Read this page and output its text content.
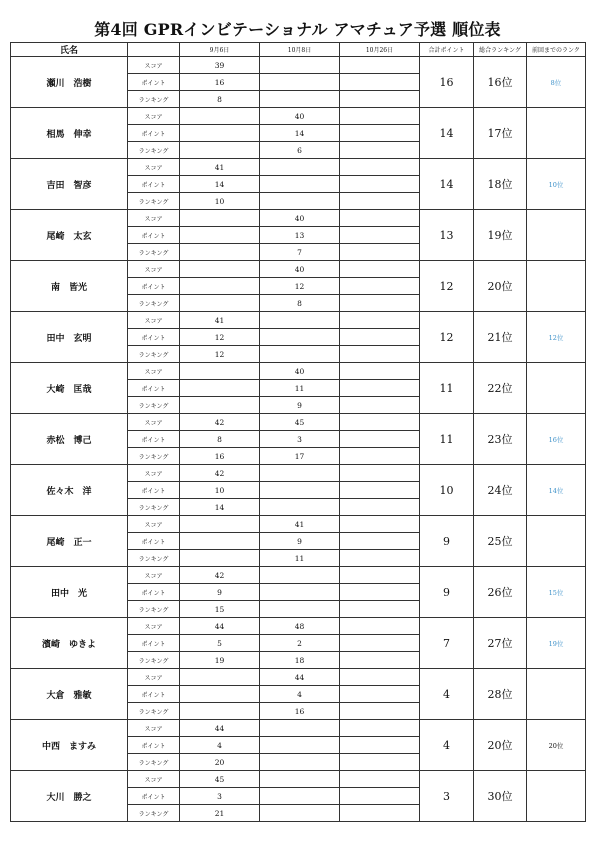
第4回 GPRインビテーショナル アマチュア予選 順位表
氏名		9月6日	10月8日	10月26日	合計ポイント	総合ランキング	前回までのランク
瀬川　浩樹	スコア	39			16	16位	8位
	ポイント	16					
	ランキング	8					
相馬　伸幸	スコア		40		14	17位	
	ポイント		14				
	ランキング		6				
吉田　智彦	スコア	41			14	18位	10位
	ポイント	14					
	ランキング	10					
尾崎　太玄	スコア		40		13	19位	
	ポイント		13				
	ランキング		7				
南　皆光	スコア		40		12	20位	
	ポイント		12				
	ランキング		8				
田中　玄明	スコア	41			12	21位	12位
	ポイント	12					
	ランキング	12					
大崎　匡哉	スコア		40		11	22位	
	ポイント		11				
	ランキング		9				
赤松　博己	スコア	42	45		11	23位	16位
	ポイント	8	3				
	ランキング	16	17				
佐々木　洋	スコア	42			10	24位	14位
	ポイント	10					
	ランキング	14					
尾崎　正一	スコア		41		9	25位	
	ポイント		9				
	ランキング		11				
田中　光	スコア	42			9	26位	15位
	ポイント	9					
	ランキング	15					
濱崎　ゆきよ	スコア	44	48		7	27位	19位
	ポイント	5	2				
	ランキング	19	18				
大倉　雅敏	スコア		44		4	28位	
	ポイント		4				
	ランキング		16				
中西　ますみ	スコア	44			4	20位	20位
	ポイント	4					
	ランキング	20					
大川　勝之	スコア	45			3	30位	
	ポイント	3					
	ランキング	21					
